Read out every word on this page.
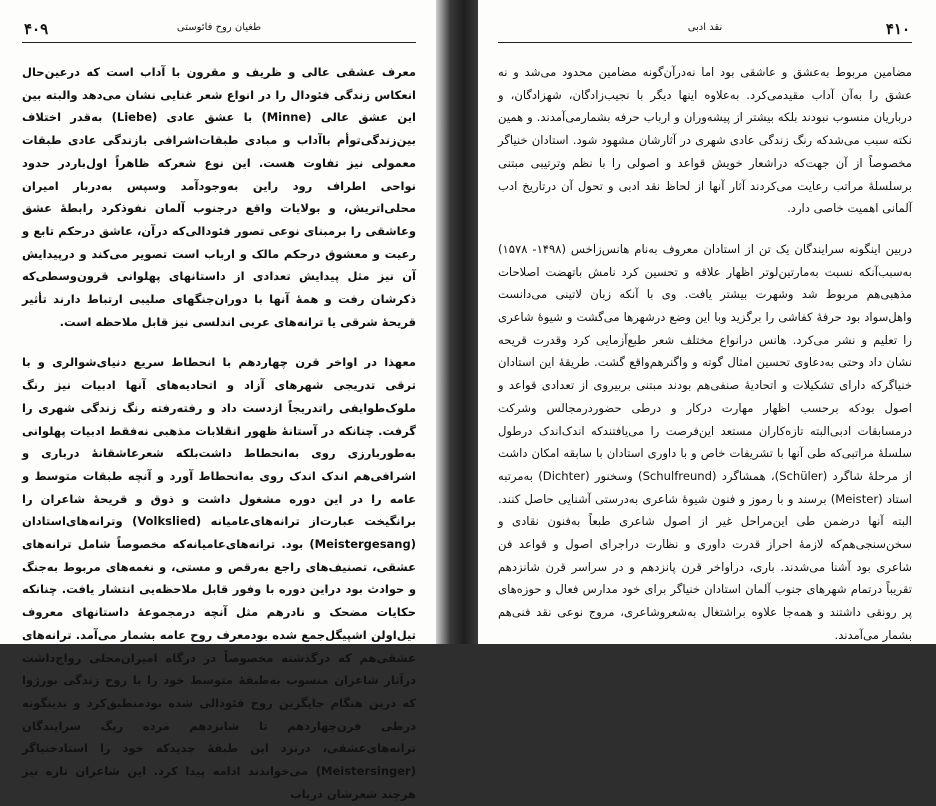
۴۰۹	طغیان روح فائوستی

معرف عشقی عالی و ظریف و مقرون با آداب است که درعین‌حال انعکاس زندگی فئودال را در انواع شعر غنایی نشان می‌دهد والبته بین این عشق عالی (Minne) با عشق عادی (Liebe) به‌قدر اختلاف بین‌زندگی‌توأم باآداب و مبادی طبقات‌اشرافی بازندگی عادی طبقات معمولی نیز تفاوت هست. این نوع شعرکه ظاهراً اول‌باردر حدود نواحی اطراف رود راین به‌وجودآمد وسپس به‌دربار امیران محلی‌اتریش، و بولایات واقع درجنوب آلمان نفوذکرد رابطهٔ عشق وعاشقی را برمبنای نوعی تصور فئودالی‌که درآن، عاشق درحکم تابع و رعیت و معشوق درحکم مالک و ارباب است تصویر می‌کند و درپیدایش آن نیز مثل پیدایش تعدادی از داستانهای پهلوانی قرون‌وسطی‌که ذکرشان رفت و همهٔ آنها با دوران‌جنگهای صلیبی ارتباط دارند تأثیر قریحهٔ شرقی یا ترانه‌های عربی اندلسی نیز قابل ملاحظه است.

معهذا در اواخر قرن چهاردهم با انحطاط سریع دنیای‌شوالری و با ترقی تدریجی شهرهای آزاد و اتحادیه‌های آنها ادبیات نیز رنگ ملوک‌طوایفی راتدریجاً ازدست داد و رفته‌رفته رنگ زندگی شهری را گرفت. چنانکه در آستانهٔ ظهور انقلابات مذهبی نه‌فقط ادبیات پهلوانی به‌طوربارزی روی به‌انحطاط داشت‌بلکه شعرعاشقانهٔ درباری و اشرافی‌هم اندک اندک روی به‌انحطاط آورد و آنچه طبقات متوسط و عامه را در این دوره مشغول داشت و ذوق و قریحهٔ شاعران را برانگیخت عبارت‌از ترانه‌های‌عامیانه (Volkslied) وترانه‌های‌استادان (Meistergesang) بود. ترانه‌های‌عامیانه‌که مخصوصاً شامل ترانه‌های عشقی، تصنیف‌های راجع به‌رقص و مستی، و نغمه‌های مربوط به‌جنگ و حوادث بود دراین دوره با وفور قابل ملاحظه‌یی انتشار یافت. چنانکه حکایات مضحک و نادرهم مثل آنچه درمجموعهٔ داستانهای معروف تیل‌اولن اشپیگل‌جمع شده بودمعرف روح عامه بشمار می‌آمد. ترانه‌های عشقی‌هم که درگذشته مخصوصاً در درگاه امیران‌محلی رواج‌داشت درآثار شاعران منسوب به‌طبقهٔ متوسط خود را با روح زندگی بورژوا که درین هنگام جایگزین روح فئودالی شده بودمنطبق‌کرد و بدینگونه درطی قرن‌چهاردهم تا شانزدهم مرده ریگ سرایندگان ترانه‌های‌عشقی، درنزد این طبقهٔ جدیدکه خود را استادخنیاگر (Meistersinger) می‌خواندند ادامه پیدا کرد. این شاعران تازه نیز هرچند شعرشان درباب

۴۱۰
نقد ادبی

مضامین مربوط به‌عشق و عاشقی بود اما نه‌درآن‌گونه مضامین محدود می‌شد و نه عشق را به‌آن آداب مقیدمی‌کرد. به‌علاوه اینها دیگر با نجیب‌زادگان، شهزادگان، و درباریان منسوب نبودند بلکه بیشتر از پیشه‌وران و ارباب حرفه بشمارمی‌آمدند. و همین نکته سبب می‌شدکه رنگ زندگی عادی شهری در آثارشان مشهود شود. استادان خنیاگر مخصوصاً از آن جهت‌که دراشعار خویش قواعد و اصولی را با نظم وترتیبی مبتنی برسلسلهٔ مراتب رعایت می‌کردند آثار آنها از لحاظ نقد ادبی و تحول آن درتاریخ ادب آلمانی اهمیت خاصی دارد.

دربین اینگونه سرایندگان یک تن از استادان معروف به‌نام هانس‌زاخس (۱۴۹۸- ۱۵۷۸) به‌سبب‌آنکه نسبت به‌مارتین‌لوتر اظهار علاقه و تحسین کرد نامش باتهضت اصلاحات مذهبی‌هم مربوط شد وشهرت بیشتر یافت. وی با آنکه زبان لاتینی می‌دانست واهل‌سواد بود حرفهٔ کفاشی را برگزید وبا این وضع درشهرها می‌گشت و شیوهٔ شاعری را تعلیم و نشر می‌کرد. هانس درانواع مختلف شعر طبع‌آزمایی کرد وقدرت قریحه نشان داد وحتی به‌دعاوی تحسین امثال گوته و واگنرهم‌واقع گشت. طریقهٔ این استادان خنیاگرکه دارای تشکیلات و اتحادیهٔ صنفی‌هم بودند مبتنی بربیروی از تعدادی قواعد و اصول بودکه برحسب اظهار مهارت درکار و درطی حضوردرمجالس وشرکت درمسابقات ادبی‌البته تازه‌کاران مستعد این‌فرصت را می‌یافتندکه اندک‌اندک درطول سلسلهٔ مراتبی‌که طی آنها با تشریفات خاص و با داوری استادان با سابقه امکان داشت از مرحلهٔ شاگرد (Schüler)، همشاگرد (Schulfreund) وسخنور (Dichter) به‌مرتبه استاد (Meister) برسند و با رموز و فنون شیوهٔ شاعری به‌درستی آشنایی حاصل کنند. البته آنها درضمن طی این‌مراحل غیر از اصول شاعری طبعاً به‌فنون نقادی و سخن‌سنجی‌هم‌که لازمهٔ احراز قدرت داوری و نظارت دراجرای اصول و قواعد فن شاعری بود آشنا می‌شدند. باری، دراواخر قرن پانزدهم و در سراسر قرن شانزدهم تقریباً درتمام شهرهای جنوب آلمان استادان خنیاگر برای خود مدارس فعال و حوزه‌های پر رونقی داشتند و همه‌جا علاوه براشتغال به‌شعروشاعری، مروج نوعی نقد فنی‌هم بشمار می‌آمدند.
